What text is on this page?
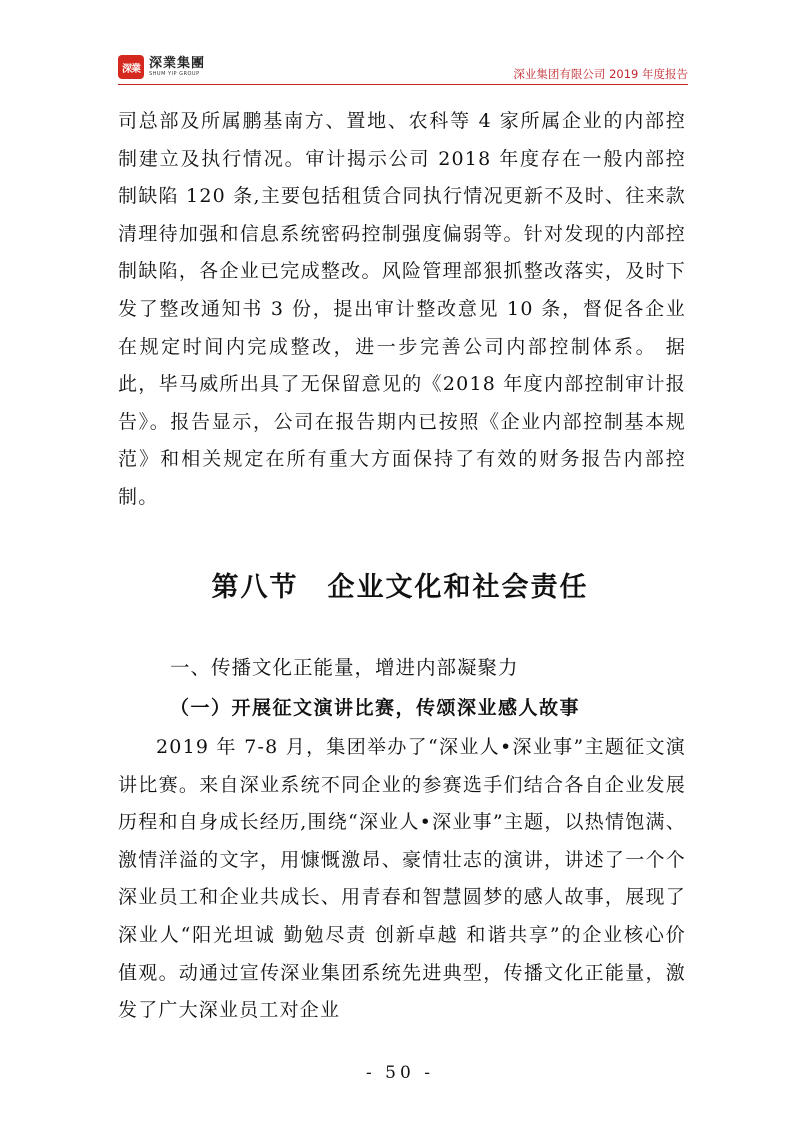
深業 深業集團
SHUM YIP GROUP	深业集团有限公司 2019 年度报告

司总部及所属鹏基南方、置地、农科等 4 家所属企业的内部控制建立及执行情况。审计揭示公司 2018 年度存在一般内部控制缺陷 120 条,主要包括租赁合同执行情况更新不及时、往来款清理待加强和信息系统密码控制强度偏弱等。针对发现的内部控制缺陷，各企业已完成整改。风险管理部狠抓整改落实，及时下发了整改通知书 3 份，提出审计整改意见 10 条，督促各企业在规定时间内完成整改，进一步完善公司内部控制体系。 据此，毕马威所出具了无保留意见的《2018 年度内部控制审计报告》。报告显示，公司在报告期内已按照《企业内部控制基本规范》和相关规定在所有重大方面保持了有效的财务报告内部控制。

第八节　企业文化和社会责任
一、传播文化正能量，增进内部凝聚力
（一）开展征文演讲比赛，传颂深业感人故事

2019 年 7-8 月，集团举办了“深业人•深业事”主题征文演讲比赛。来自深业系统不同企业的参赛选手们结合各自企业发展历程和自身成长经历,围绕“深业人•深业事”主题，以热情饱满、激情洋溢的文字，用慷慨激昂、豪情壮志的演讲，讲述了一个个深业员工和企业共成长、用青春和智慧圆梦的感人故事，展现了深业人“阳光坦诚 勤勉尽责 创新卓越 和谐共享”的企业核心价值观。动通过宣传深业集团系统先进典型，传播文化正能量，激发了广大深业员工对企业

- 50 -
